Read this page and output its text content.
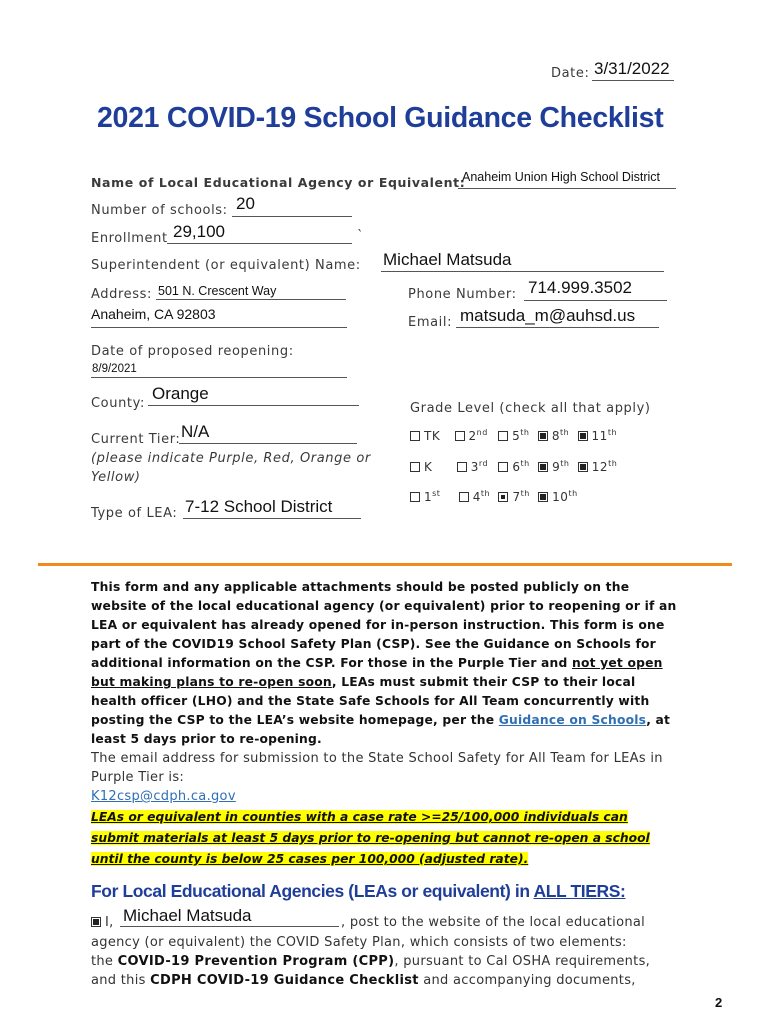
Date: 3/31/2022
2021 COVID-19 School Guidance Checklist
Name of Local Educational Agency or Equivalent:
Anaheim Union High School District
Number of schools: 20
Enrollment 29,100	`
Superintendent (or equivalent) Name: Michael Matsuda
Address: 501 N. Crescent Way
Anaheim, CA 92803
Phone Number: 714.999.3502
Email: matsuda_m@auhsd.us
Date of proposed reopening:
8/9/2021
County:
Orange
Current Tier: N/A
(please indicate Purple, Red, Orange or Yellow)
Type of LEA: 7-12 School District
Grade Level (check all that apply)
TK 2nd 5th 8th 11th
K	3rd 6th 9th 12th
1st	4th 7th 10th
This form and any applicable attachments should be posted publicly on the website of the local educational agency (or equivalent) prior to reopening or if an LEA or equivalent has already opened for in-person instruction. This form is one part of the COVID19 School Safety Plan (CSP). See the Guidance on Schools for additional information on the CSP. For those in the Purple Tier and not yet open but making plans to re-open soon, LEAs must submit their CSP to their local health officer (LHO) and the State Safe Schools for All Team concurrently with posting the CSP to the LEA’s website homepage, per the Guidance on Schools, at least 5 days prior to re-opening.
The email address for submission to the State School Safety for All Team for LEAs in Purple Tier is:
K12csp@cdph.ca.gov
LEAs or equivalent in counties with a case rate >=25/100,000 individuals can submit materials at least 5 days prior to re-opening but cannot re-open a school until the county is below 25 cases per 100,000 (adjusted rate).
For Local Educational Agencies (LEAs or equivalent) in ALL TIERS:
I, Michael Matsuda	, post to the website of the local educational
agency (or equivalent) the COVID Safety Plan, which consists of two elements:
the COVID-19 Prevention Program (CPP), pursuant to Cal OSHA requirements,
and this CDPH COVID-19 Guidance Checklist and accompanying documents,
2
